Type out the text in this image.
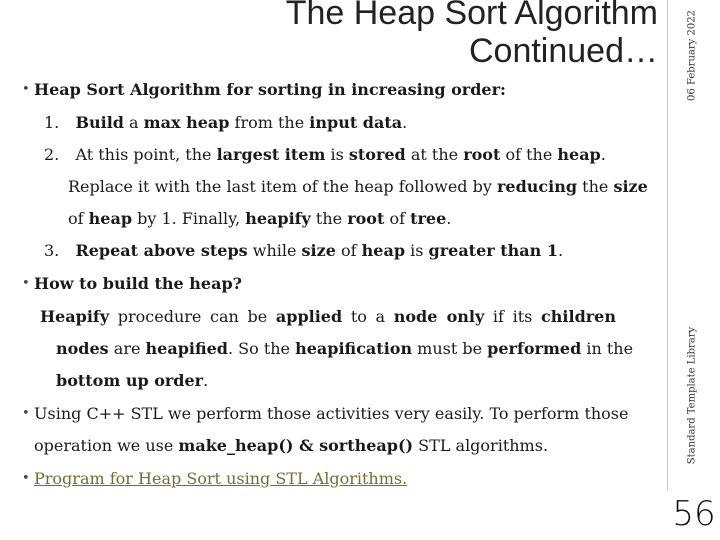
06 February 2022
Standard Template Library
56
The Heap Sort Algorithm
Continued…
• Heap Sort Algorithm for sorting in increasing order:
1. Build a max heap from the input data.
2. At this point, the largest item is stored at the root of the heap.
Replace it with the last item of the heap followed by reducing the size
of heap by 1. Finally, heapify the root of tree.
3. Repeat above steps while size of heap is greater than 1.
• How to build the heap?
Heapify procedure can be applied to a node only if its children
nodes are heapified. So the heapification must be performed in the
bottom up order.
• Using C++ STL we perform those activities very easily. To perform those
operation we use make_heap() & sortheap() STL algorithms.
• Program for Heap Sort using STL Algorithms.
